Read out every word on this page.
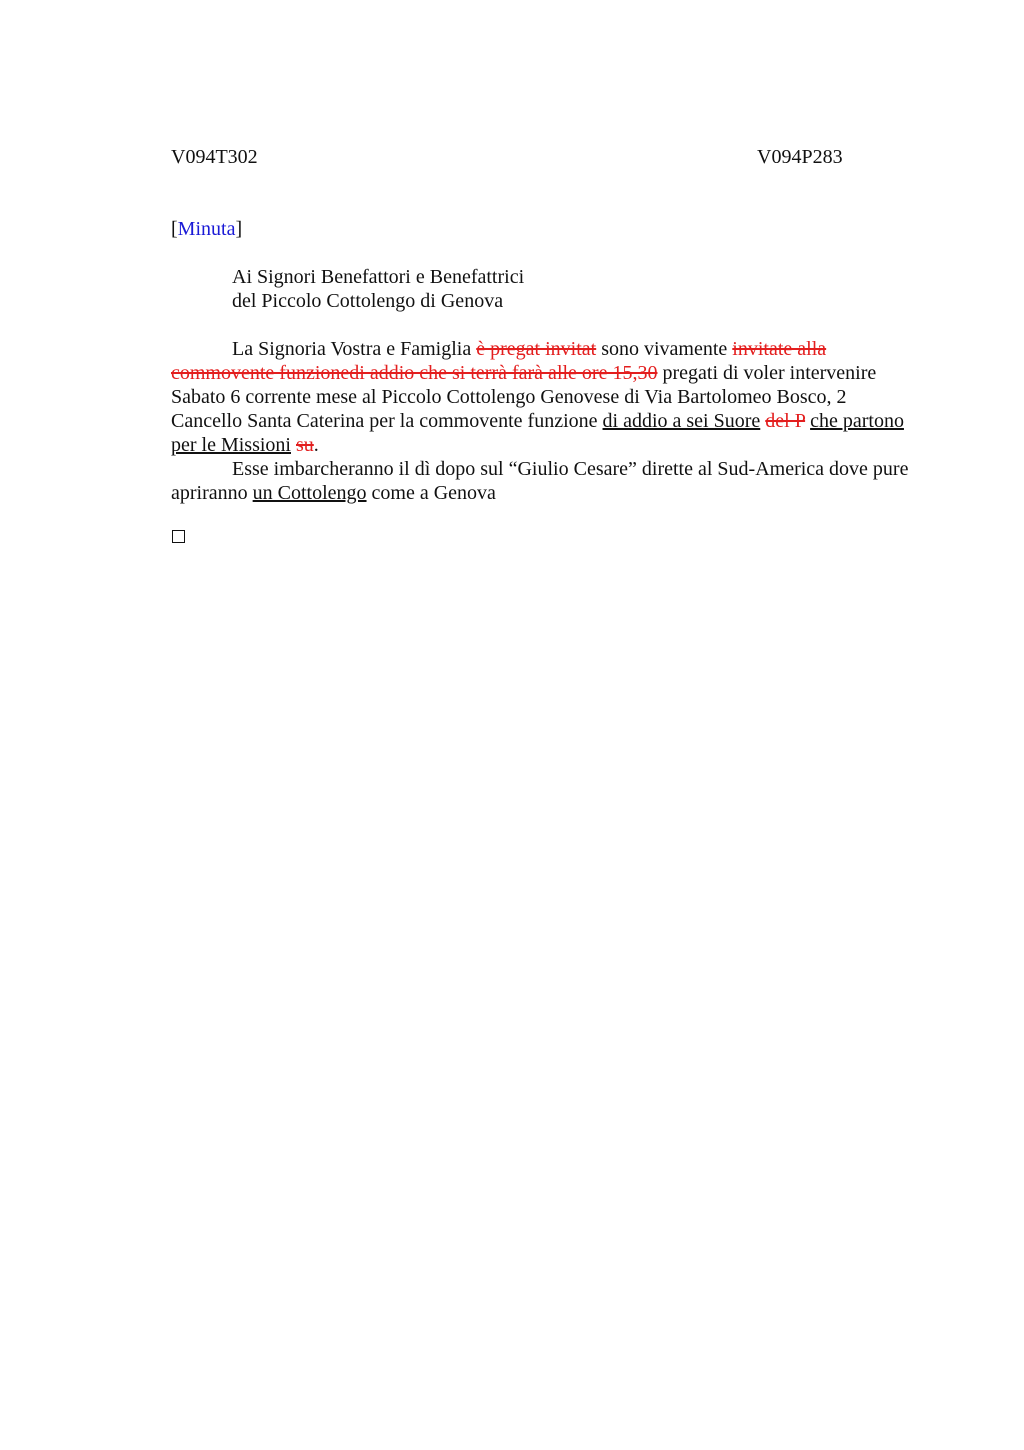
V094T302	V094P283
[Minuta]
Ai Signori Benefattori e Benefattrici
del Piccolo Cottolengo di Genova

La Signoria Vostra e Famiglia è pregat invitat sono vivamente invitate alla commovente funzionedi addio che si terrà farà alle ore 15,30 pregati di voler intervenire Sabato 6 corrente mese al Piccolo Cottolengo Genovese di Via Bartolomeo Bosco, 2 Cancello Santa Caterina per la commovente funzione di addio a sei Suore del P che partono per le Missioni su.

Esse imbarcheranno il dì dopo sul “Giulio Cesare” dirette al Sud-America dove pure apriranno un Cottolengo come a Genova
